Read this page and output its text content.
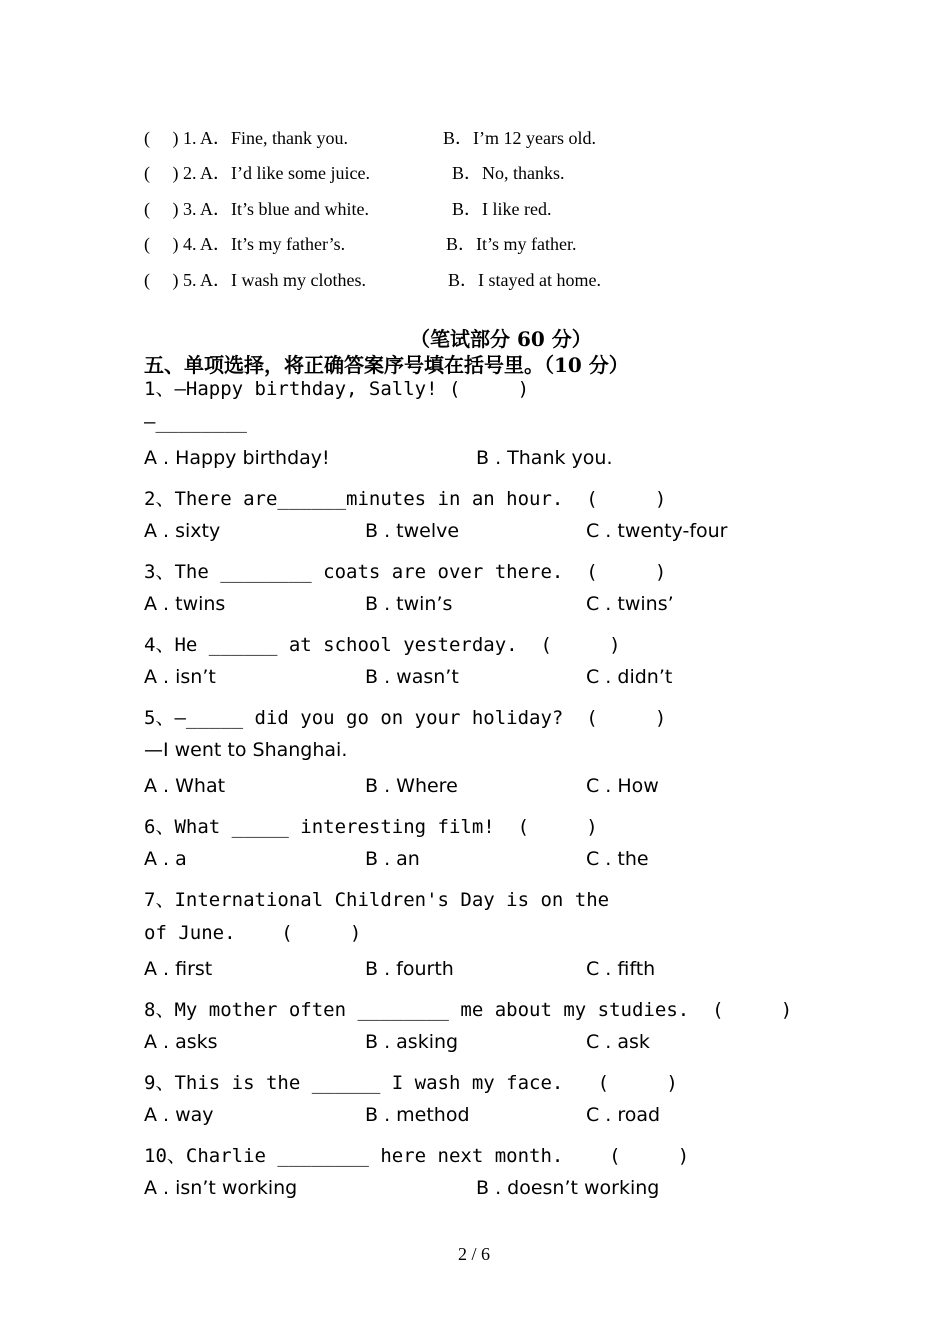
(     ) 1. A．Fine, thank you.	B．I’m 12 years old.
(     ) 2. A．I’d like some juice.	B．No, thanks.
(     ) 3. A．It’s blue and white.	B．I like red.
(     ) 4. A．It’s my father’s.	B．It’s my father.
(     ) 5. A．I wash my clothes.	B．I stayed at home.
（笔试部分 60 分）
五、单项选择，将正确答案序号填在括号里。（10 分）
1、—Happy birthday, Sally! (     )
—________
A . Happy birthday!	B . Thank you.
2、There are______minutes in an hour.  (     )
A . sixty	B . twelve	C . twenty-four
3、The ________ coats are over there.  (     )
A . twins	B . twin’s	C . twins’
4、He ______ at school yesterday.  (     )
A . isn’t	B . wasn’t	C . didn’t
5、—_____ did you go on your holiday?  (     )
—I went to Shanghai.
A . What	B . Where	C . How
6、What _____ interesting film!  (     )
A . a	B . an	C . the
7、International Children's Day is on the
of June.    (     )
A . first	B . fourth	C . fifth
8、My mother often ________ me about my studies.  (     )
A . asks	B . asking	C . ask
9、This is the ______ I wash my face.   (     )
A . way	B . method	C . road
10、Charlie ________ here next month.    (     )
A . isn’t working	B . doesn’t working
2 / 6
